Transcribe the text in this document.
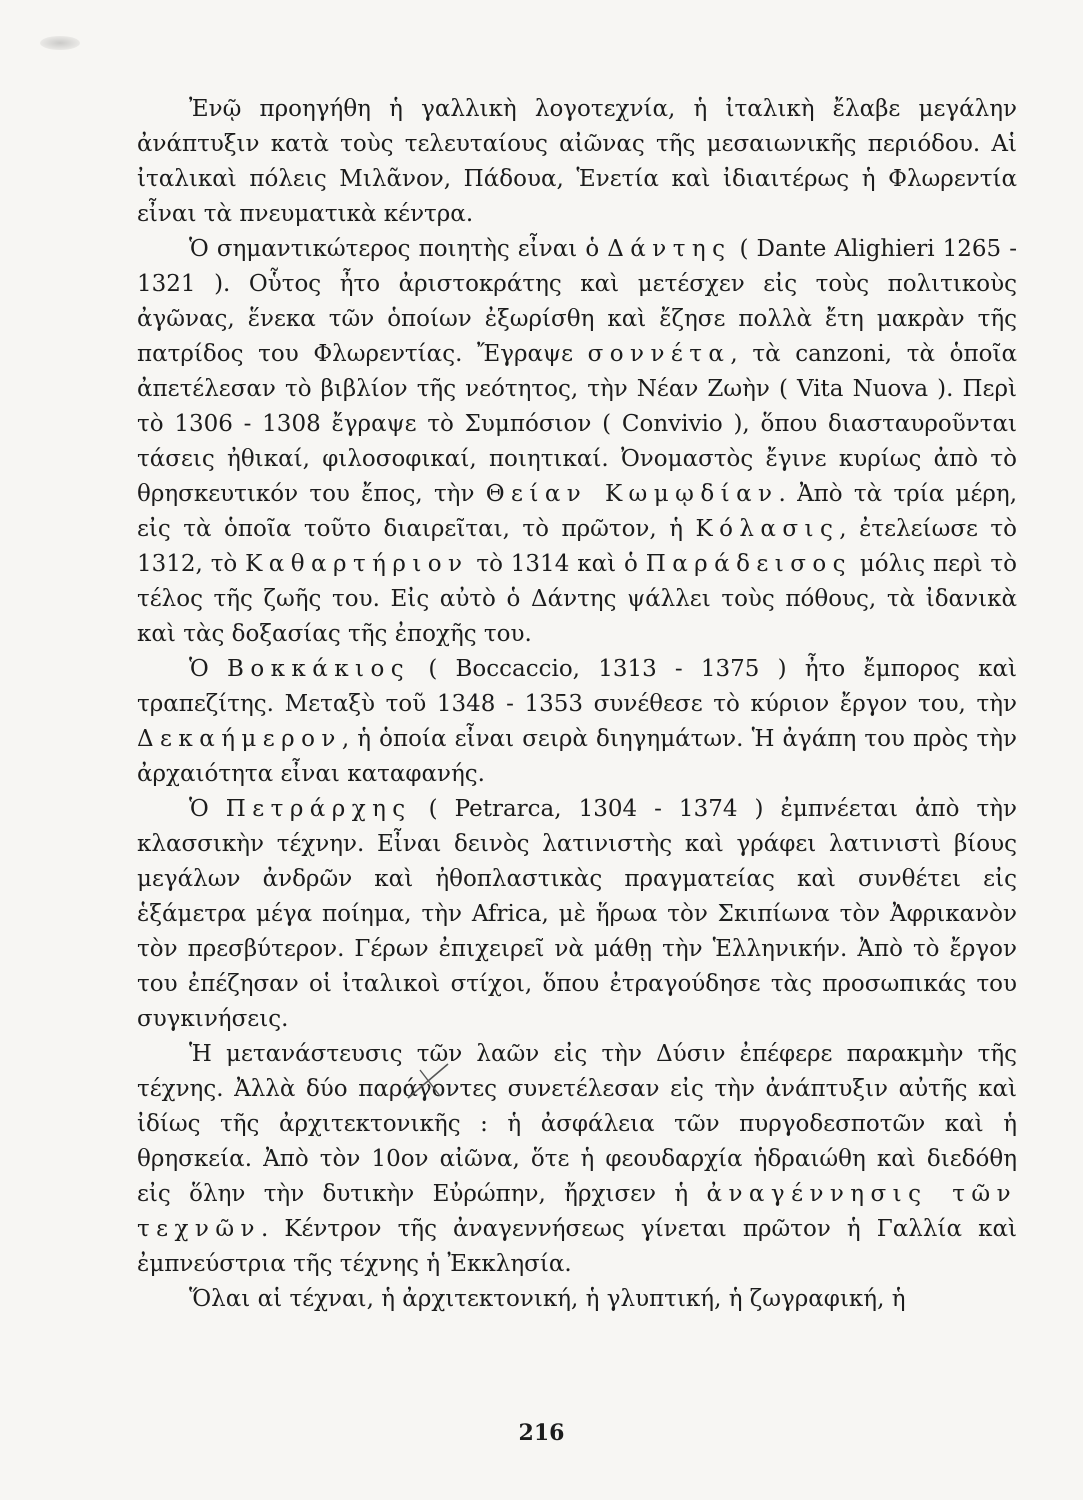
Ἐνῷ προηγήθη ἡ γαλλικὴ λογοτεχνία, ἡ ἰταλικὴ ἔλαβε μεγάλην ἀνάπτυξιν κατὰ τοὺς τελευταίους αἰῶνας τῆς μεσαιωνικῆς περιόδου. Αἱ ἰταλικαὶ πόλεις Μιλᾶνον, Πάδουα, Ἑνετία καὶ ἰδιαιτέρως ἡ Φλωρεντία εἶναι τὰ πνευματικὰ κέντρα.

Ὁ σημαντικώτερος ποιητὴς εἶναι ὁ Δάντης ( Dante Alighieri 1265 - 1321 ). Οὗτος ἦτο ἀριστοκράτης καὶ μετέσχεν εἰς τοὺς πολιτικοὺς ἀγῶνας, ἕνεκα τῶν ὁποίων ἐξωρίσθη καὶ ἔζησε πολλὰ ἔτη μακρὰν τῆς πατρίδος του Φλωρεντίας. Ἔγραψε σοννέτα, τὰ canzoni, τὰ ὁποῖα ἀπετέλεσαν τὸ βιβλίον τῆς νεότητος, τὴν Νέαν Ζωὴν ( Vita Nuova ). Περὶ τὸ 1306 - 1308 ἔγραψε τὸ Συμπόσιον ( Convivio ), ὅπου διασταυροῦνται τάσεις ἠθικαί, φιλοσοφικαί, ποιητικαί. Ὀνομαστὸς ἔγινε κυρίως ἀπὸ τὸ θρησκευτικόν του ἔπος, τὴν Θείαν Κωμῳδίαν. Ἀπὸ τὰ τρία μέρη, εἰς τὰ ὁποῖα τοῦτο διαιρεῖται, τὸ πρῶτον, ἡ Κόλασις, ἐτελείωσε τὸ 1312, τὸ Καθαρτήριον τὸ 1314 καὶ ὁ Παράδεισος μόλις περὶ τὸ τέλος τῆς ζωῆς του. Εἰς αὐτὸ ὁ Δάντης ψάλλει τοὺς πόθους, τὰ ἰδανικὰ καὶ τὰς δοξασίας τῆς ἐποχῆς του.

Ὁ Βοκκάκιος ( Boccaccio, 1313 - 1375 ) ἦτο ἔμπορος καὶ τραπεζίτης. Μεταξὺ τοῦ 1348 - 1353 συνέθεσε τὸ κύριον ἔργον του, τὴν Δεκαήμερον, ἡ ὁποία εἶναι σειρὰ διηγημάτων. Ἡ ἀγάπη του πρὸς τὴν ἀρχαιότητα εἶναι καταφανής.

Ὁ Πετράρχης ( Petrarca, 1304 - 1374 ) ἐμπνέεται ἀπὸ τὴν κλασσικὴν τέχνην. Εἶναι δεινὸς λατινιστὴς καὶ γράφει λατινιστὶ βίους μεγάλων ἀνδρῶν καὶ ἠθοπλαστικὰς πραγματείας καὶ συνθέτει εἰς ἑξάμετρα μέγα ποίημα, τὴν Africa, μὲ ἥρωα τὸν Σκιπίωνα τὸν Ἀφρικανὸν τὸν πρεσβύτερον. Γέρων ἐπιχειρεῖ νὰ μάθῃ τὴν Ἑλληνικήν. Ἀπὸ τὸ ἔργον του ἐπέζησαν οἱ ἰταλικοὶ στίχοι, ὅπου ἐτραγούδησε τὰς προσωπικάς του συγκινήσεις.

Ἡ μετανάστευσις τῶν λαῶν εἰς τὴν Δύσιν ἐπέφερε παρακμὴν τῆς τέχνης. Ἀλλὰ δύο παράγοντες συνετέλεσαν εἰς τὴν ἀνάπτυξιν αὐτῆς καὶ ἰδίως τῆς ἀρχιτεκτονικῆς : ἡ ἀσφάλεια τῶν πυργοδεσποτῶν καὶ ἡ θρησκεία. Ἀπὸ τὸν 10ον αἰῶνα, ὅτε ἡ φεουδαρχία ἡδραιώθη καὶ διεδόθη εἰς ὅλην τὴν δυτικὴν Εὐρώπην, ἤρχισεν ἡ ἀναγέννησις τῶν τεχνῶν. Κέντρον τῆς ἀναγεννήσεως γίνεται πρῶτον ἡ Γαλλία καὶ ἐμπνεύστρια τῆς τέχνης ἡ Ἐκκλησία.

Ὅλαι αἱ τέχναι, ἡ ἀρχιτεκτονική, ἡ γλυπτική, ἡ ζωγραφική, ἡ

216
